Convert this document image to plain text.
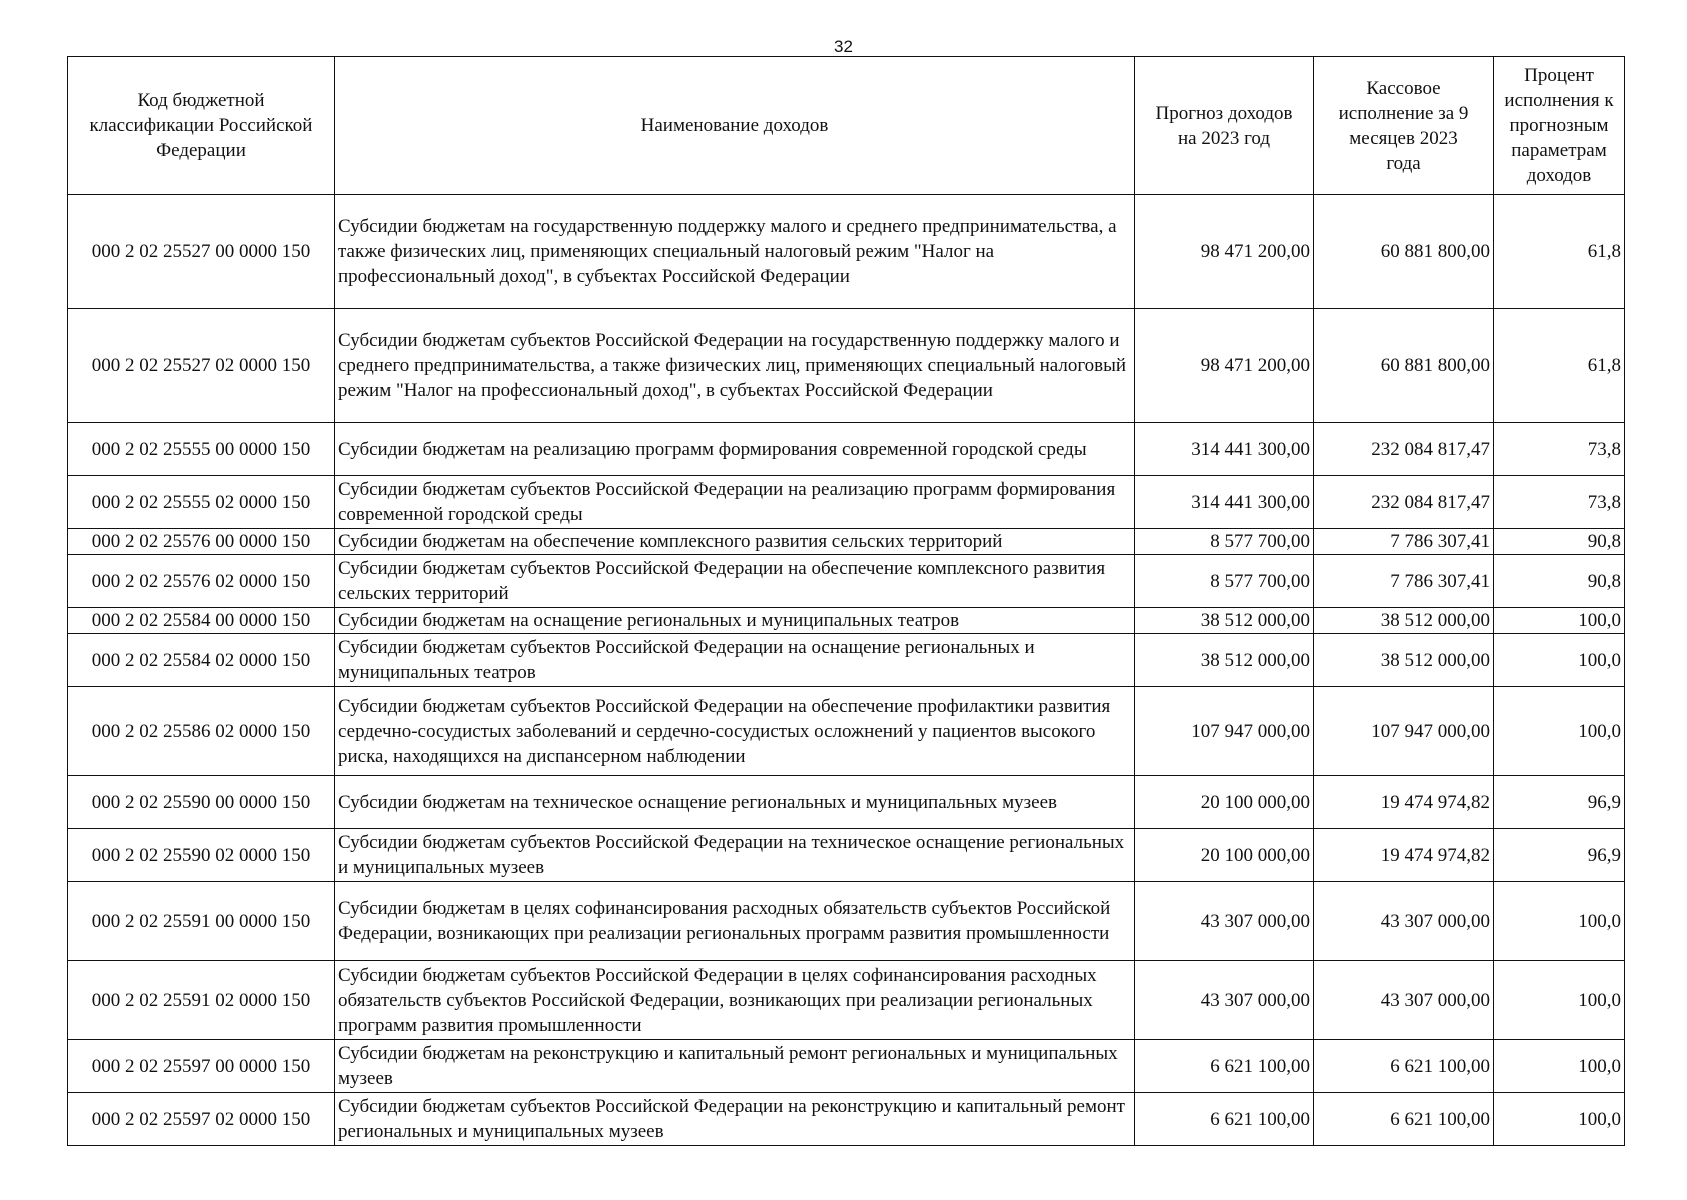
32
Код бюджетной классификации Российской Федерации	Наименование доходов	Прогноз доходов на 2023 год	Кассовое исполнение за 9 месяцев 2023 года	Процент исполнения к прогнозным параметрам доходов
000 2 02 25527 00 0000 150	Субсидии бюджетам на государственную поддержку малого и среднего предпринимательства, а также физических лиц, применяющих специальный налоговый режим "Налог на профессиональный доход", в субъектах Российской Федерации	98 471 200,00	60 881 800,00	61,8
000 2 02 25527 02 0000 150	Субсидии бюджетам субъектов Российской Федерации на государственную поддержку малого и среднего предпринимательства, а также физических лиц, применяющих специальный налоговый режим "Налог на профессиональный доход", в субъектах Российской Федерации	98 471 200,00	60 881 800,00	61,8
000 2 02 25555 00 0000 150	Субсидии бюджетам на реализацию программ формирования современной городской среды	314 441 300,00	232 084 817,47	73,8
000 2 02 25555 02 0000 150	Субсидии бюджетам субъектов Российской Федерации на реализацию программ формирования современной городской среды	314 441 300,00	232 084 817,47	73,8
000 2 02 25576 00 0000 150	Субсидии бюджетам на обеспечение комплексного развития сельских территорий	8 577 700,00	7 786 307,41	90,8
000 2 02 25576 02 0000 150	Субсидии бюджетам субъектов Российской Федерации на обеспечение комплексного развития сельских территорий	8 577 700,00	7 786 307,41	90,8
000 2 02 25584 00 0000 150	Субсидии бюджетам на оснащение региональных и муниципальных театров	38 512 000,00	38 512 000,00	100,0
000 2 02 25584 02 0000 150	Субсидии бюджетам субъектов Российской Федерации на оснащение региональных и муниципальных театров	38 512 000,00	38 512 000,00	100,0
000 2 02 25586 02 0000 150	Субсидии бюджетам субъектов Российской Федерации на обеспечение профилактики развития сердечно-сосудистых заболеваний и сердечно-сосудистых осложнений у пациентов высокого риска, находящихся на диспансерном наблюдении	107 947 000,00	107 947 000,00	100,0
000 2 02 25590 00 0000 150	Субсидии бюджетам на техническое оснащение региональных и муниципальных музеев	20 100 000,00	19 474 974,82	96,9
000 2 02 25590 02 0000 150	Субсидии бюджетам субъектов Российской Федерации на техническое оснащение региональных и муниципальных музеев	20 100 000,00	19 474 974,82	96,9
000 2 02 25591 00 0000 150	Субсидии бюджетам в целях софинансирования расходных обязательств субъектов Российской Федерации, возникающих при реализации региональных программ развития промышленности	43 307 000,00	43 307 000,00	100,0
000 2 02 25591 02 0000 150	Субсидии бюджетам субъектов Российской Федерации в целях софинансирования расходных обязательств субъектов Российской Федерации, возникающих при реализации региональных программ развития промышленности	43 307 000,00	43 307 000,00	100,0
000 2 02 25597 00 0000 150	Субсидии бюджетам на реконструкцию и капитальный ремонт региональных и муниципальных музеев	6 621 100,00	6 621 100,00	100,0
000 2 02 25597 02 0000 150	Субсидии бюджетам субъектов Российской Федерации на реконструкцию и капитальный ремонт региональных и муниципальных музеев	6 621 100,00	6 621 100,00	100,0
